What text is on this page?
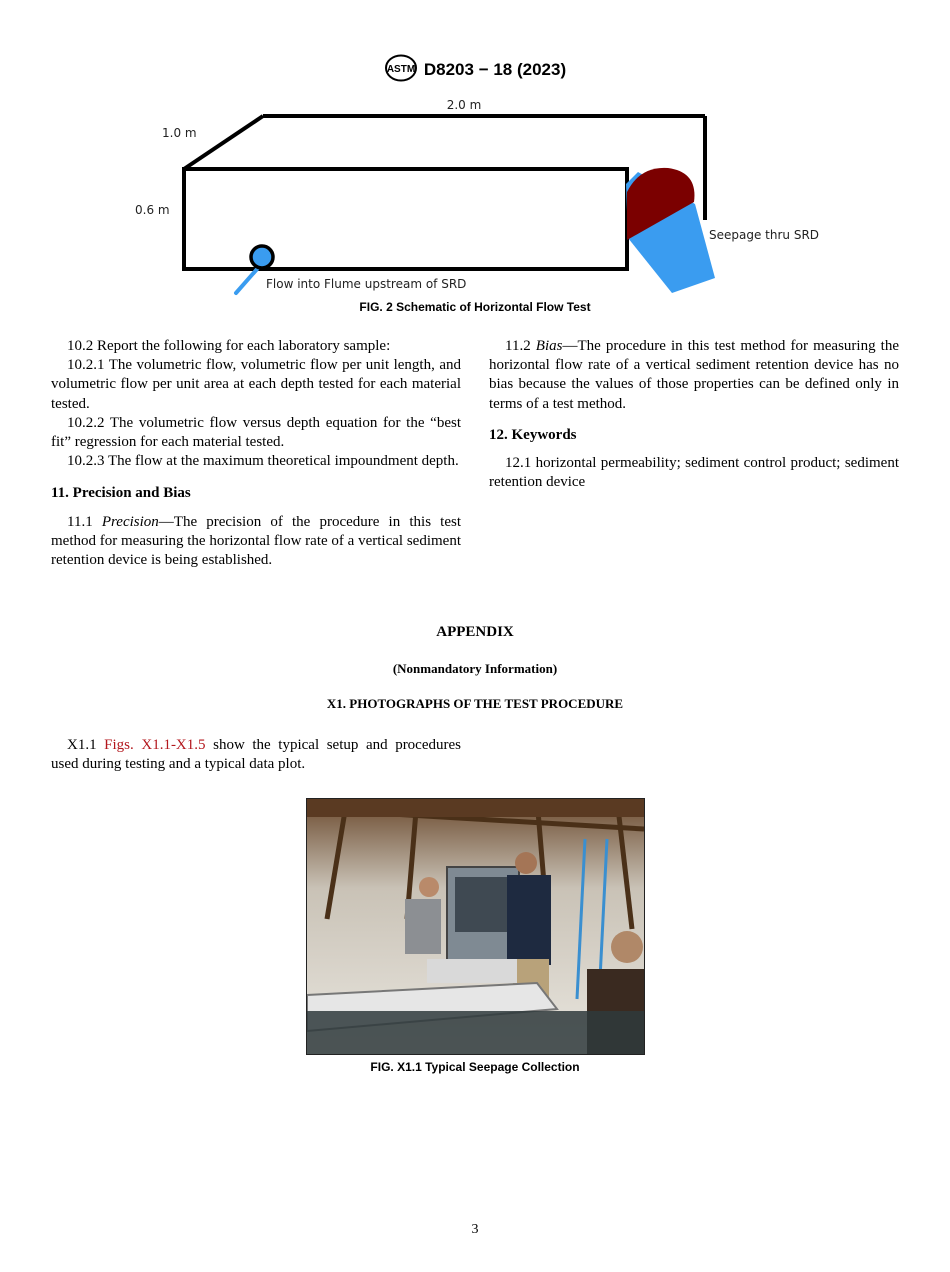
ASTM D8203 − 18 (2023)
2.0 m
1.0 m
0.6 m
Seepage thru SRD
Flow into Flume upstream of SRD
FIG. 2 Schematic of Horizontal Flow Test

10.2 Report the following for each laboratory sample:

10.2.1 The volumetric flow, volumetric flow per unit length, and volumetric flow per unit area at each depth tested for each material tested.

10.2.2 The volumetric flow versus depth equation for the “best fit” regression for each material tested.

10.2.3 The flow at the maximum theoretical impoundment depth.

11. Precision and Bias

11.1 Precision—The precision of the procedure in this test method for measuring the horizontal flow rate of a vertical sediment retention device is being established.

11.2 Bias—The procedure in this test method for measuring the horizontal flow rate of a vertical sediment retention device has no bias because the values of those properties can be defined only in terms of a test method.

12. Keywords

12.1 horizontal permeability; sediment control product; sediment retention device

APPENDIX
(Nonmandatory Information)
X1. PHOTOGRAPHS OF THE TEST PROCEDURE

X1.1 Figs. X1.1-X1.5 show the typical setup and procedures used during testing and a typical data plot.

FIG. X1.1 Typical Seepage Collection
3
